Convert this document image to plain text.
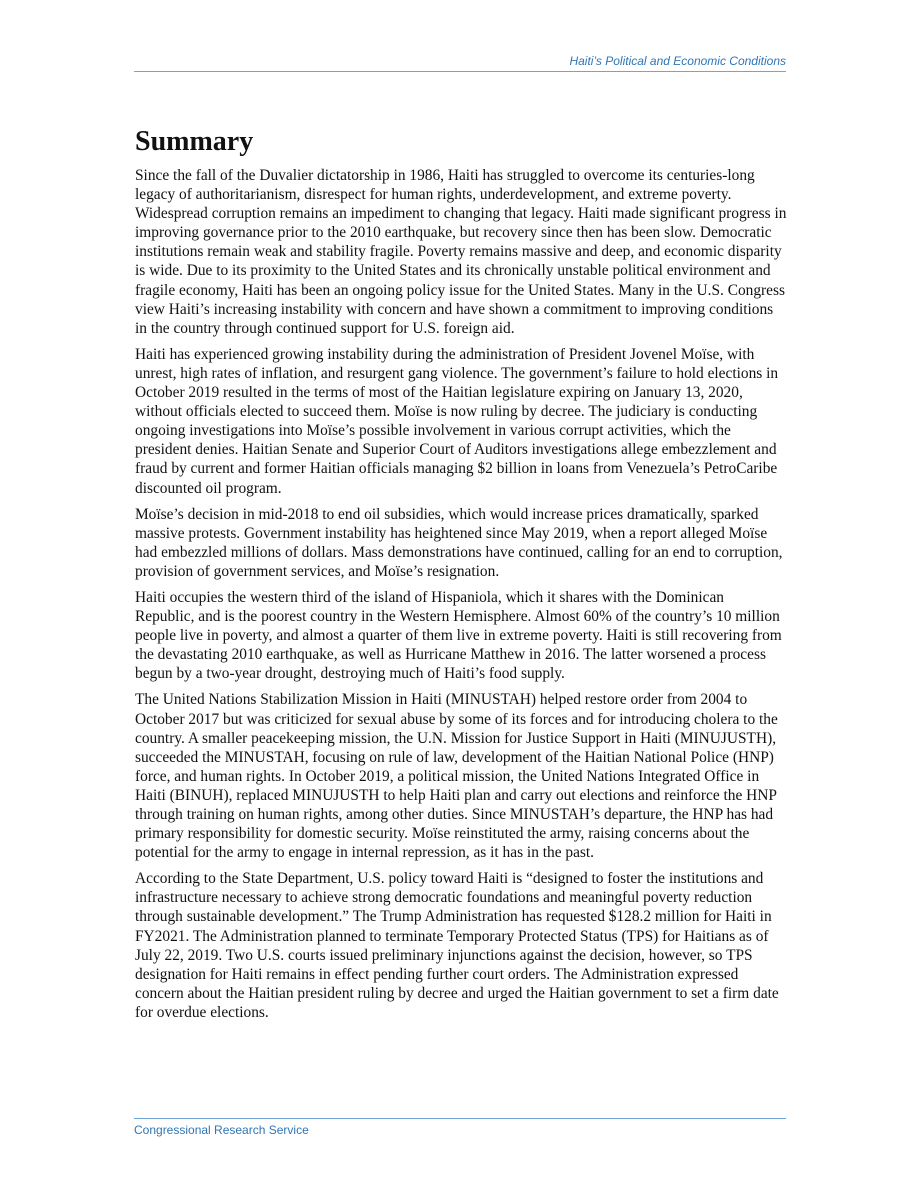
Haiti’s Political and Economic Conditions
Summary

Since the fall of the Duvalier dictatorship in 1986, Haiti has struggled to overcome its centuries-long legacy of authoritarianism, disrespect for human rights, underdevelopment, and extreme poverty. Widespread corruption remains an impediment to changing that legacy. Haiti made significant progress in improving governance prior to the 2010 earthquake, but recovery since then has been slow. Democratic institutions remain weak and stability fragile. Poverty remains massive and deep, and economic disparity is wide. Due to its proximity to the United States and its chronically unstable political environment and fragile economy, Haiti has been an ongoing policy issue for the United States. Many in the U.S. Congress view Haiti’s increasing instability with concern and have shown a commitment to improving conditions in the country through continued support for U.S. foreign aid.

Haiti has experienced growing instability during the administration of President Jovenel Moïse, with unrest, high rates of inflation, and resurgent gang violence. The government’s failure to hold elections in October 2019 resulted in the terms of most of the Haitian legislature expiring on January 13, 2020, without officials elected to succeed them. Moïse is now ruling by decree. The judiciary is conducting ongoing investigations into Moïse’s possible involvement in various corrupt activities, which the president denies. Haitian Senate and Superior Court of Auditors investigations allege embezzlement and fraud by current and former Haitian officials managing $2 billion in loans from Venezuela’s PetroCaribe discounted oil program.

Moïse’s decision in mid-2018 to end oil subsidies, which would increase prices dramatically, sparked massive protests. Government instability has heightened since May 2019, when a report alleged Moïse had embezzled millions of dollars. Mass demonstrations have continued, calling for an end to corruption, provision of government services, and Moïse’s resignation.

Haiti occupies the western third of the island of Hispaniola, which it shares with the Dominican Republic, and is the poorest country in the Western Hemisphere. Almost 60% of the country’s 10 million people live in poverty, and almost a quarter of them live in extreme poverty. Haiti is still recovering from the devastating 2010 earthquake, as well as Hurricane Matthew in 2016. The latter worsened a process begun by a two-year drought, destroying much of Haiti’s food supply.

The United Nations Stabilization Mission in Haiti (MINUSTAH) helped restore order from 2004 to October 2017 but was criticized for sexual abuse by some of its forces and for introducing cholera to the country. A smaller peacekeeping mission, the U.N. Mission for Justice Support in Haiti (MINUJUSTH), succeeded the MINUSTAH, focusing on rule of law, development of the Haitian National Police (HNP) force, and human rights. In October 2019, a political mission, the United Nations Integrated Office in Haiti (BINUH), replaced MINUJUSTH to help Haiti plan and carry out elections and reinforce the HNP through training on human rights, among other duties. Since MINUSTAH’s departure, the HNP has had primary responsibility for domestic security. Moïse reinstituted the army, raising concerns about the potential for the army to engage in internal repression, as it has in the past.

According to the State Department, U.S. policy toward Haiti is “designed to foster the institutions and infrastructure necessary to achieve strong democratic foundations and meaningful poverty reduction through sustainable development.” The Trump Administration has requested $128.2 million for Haiti in FY2021. The Administration planned to terminate Temporary Protected Status (TPS) for Haitians as of July 22, 2019. Two U.S. courts issued preliminary injunctions against the decision, however, so TPS designation for Haiti remains in effect pending further court orders. The Administration expressed concern about the Haitian president ruling by decree and urged the Haitian government to set a firm date for overdue elections.

Congressional Research Service
